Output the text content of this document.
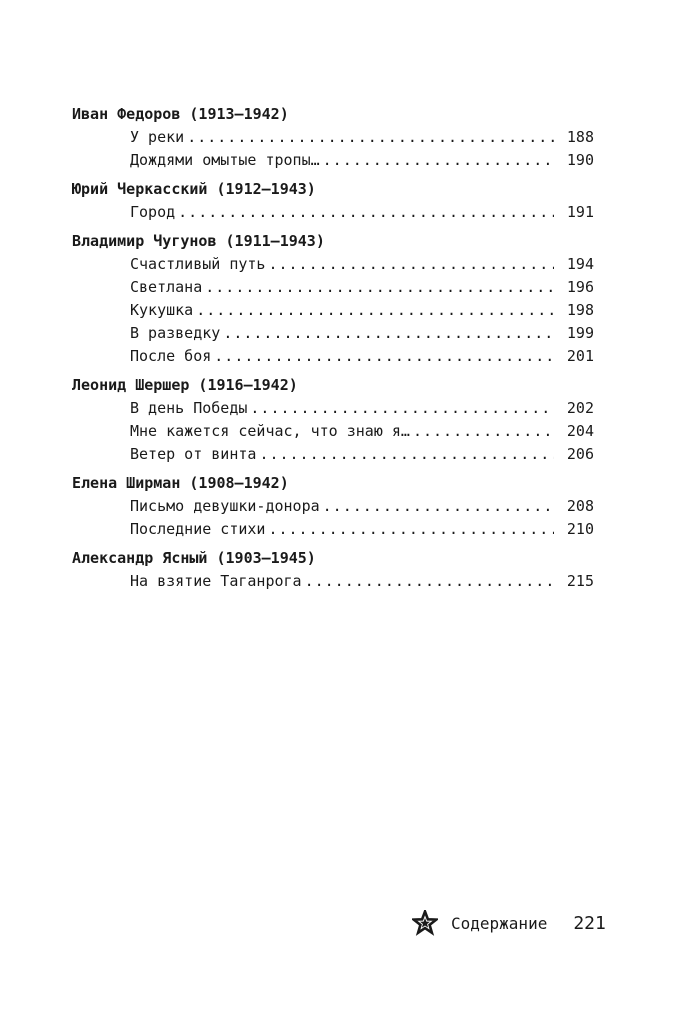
Иван Федоров (1913–1942)
У реки .....	188
Дождями омытые тропы… .....	190
Юрий Черкасский (1912–1943)
Город .....	191
Владимир Чугунов (1911–1943)
Счастливый путь .....	194
Светлана .....	196
Кукушка .....	198
В разведку .....	199
После боя .....	201
Леонид Шершер (1916–1942)
В день Победы .....	202
Мне кажется сейчас, что знаю я… .....	204
Ветер от винта .....	206
Елена Ширман (1908–1942)
Письмо девушки-донора .....	208
Последние стихи .....	210
Александр Ясный (1903–1945)
На взятие Таганрога .....	215
Содержание 221
